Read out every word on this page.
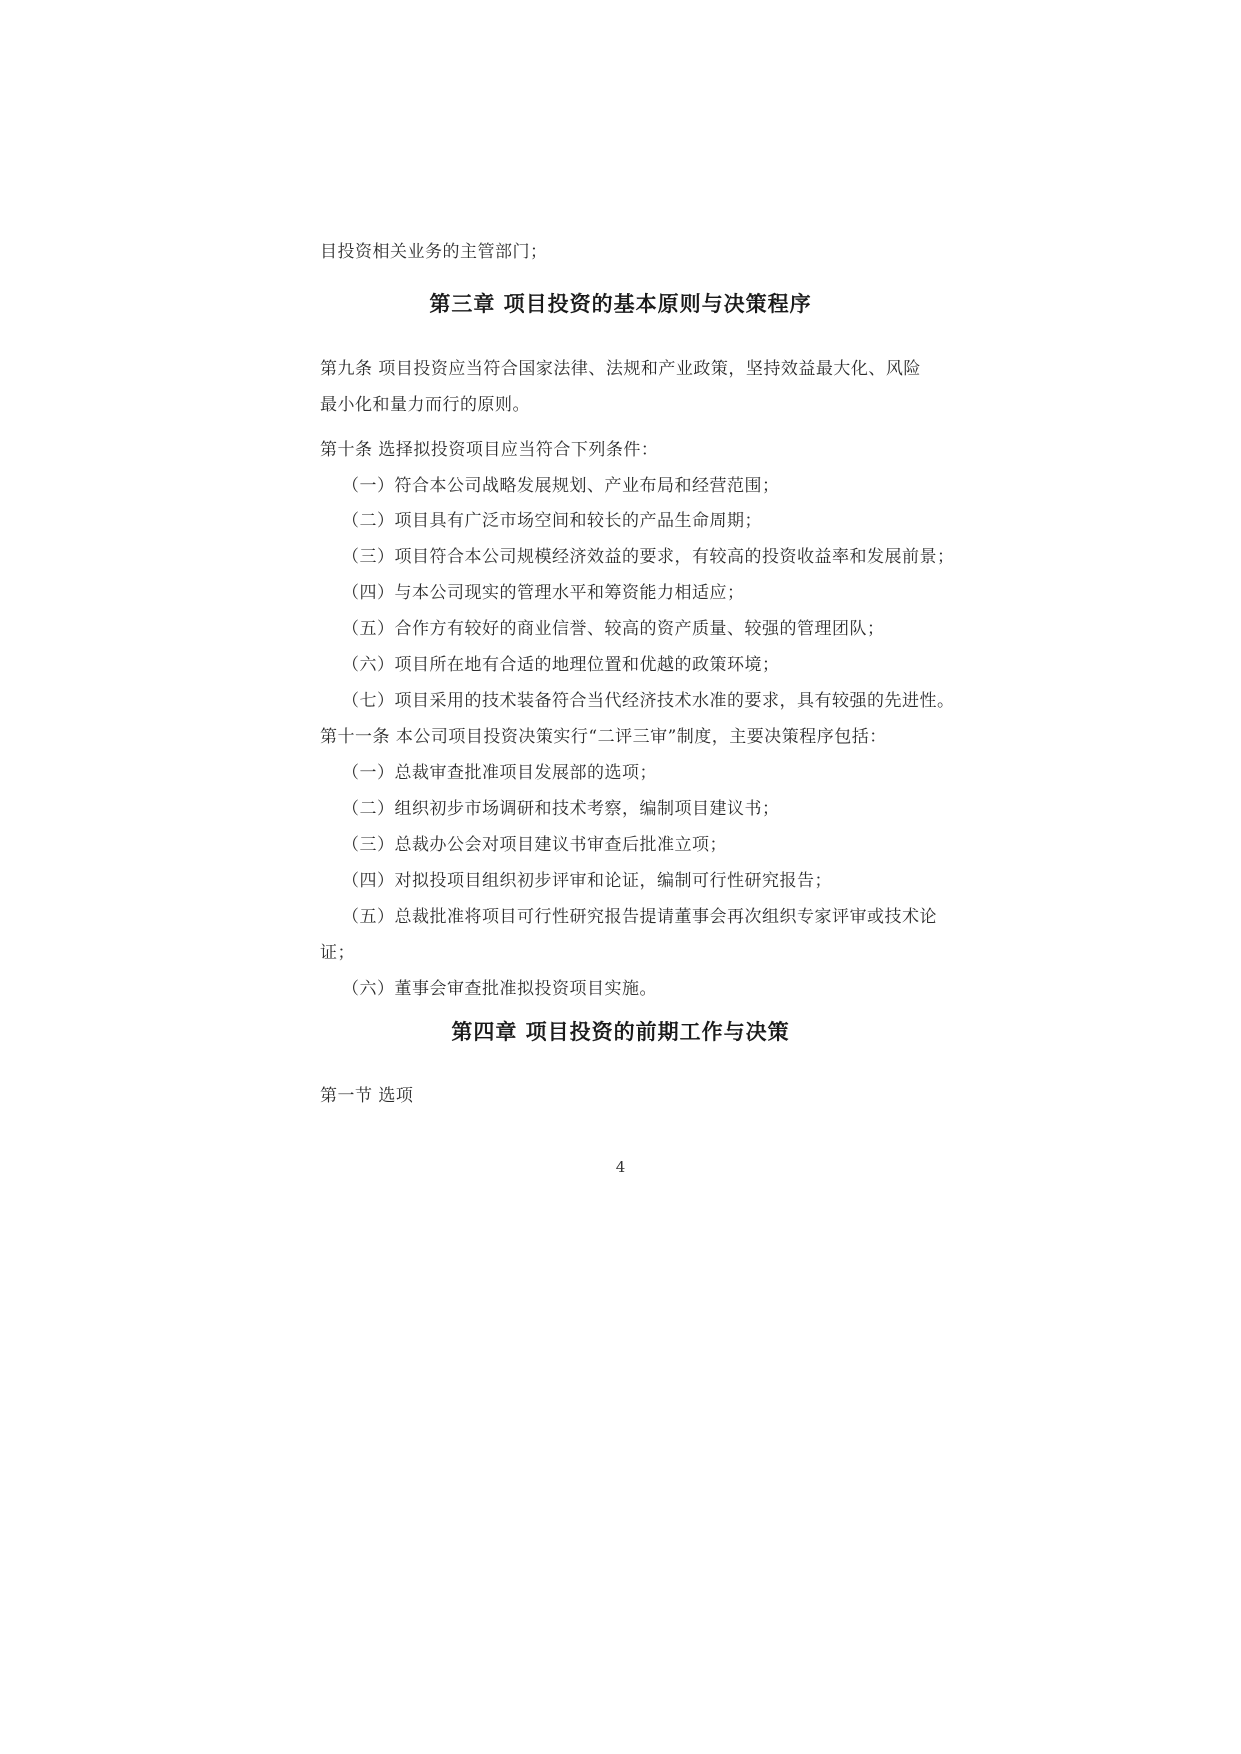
目投资相关业务的主管部门；
第三章 项目投资的基本原则与决策程序
第九条 项目投资应当符合国家法律、法规和产业政策，坚持效益最大化、风险
最小化和量力而行的原则。
第十条 选择拟投资项目应当符合下列条件：
（一）符合本公司战略发展规划、产业布局和经营范围；
（二）项目具有广泛市场空间和较长的产品生命周期；
（三）项目符合本公司规模经济效益的要求，有较高的投资收益率和发展前景；
（四）与本公司现实的管理水平和筹资能力相适应；
（五）合作方有较好的商业信誉、较高的资产质量、较强的管理团队；
（六）项目所在地有合适的地理位置和优越的政策环境；
（七）项目采用的技术装备符合当代经济技术水准的要求，具有较强的先进性。
第十一条 本公司项目投资决策实行“二评三审”制度，主要决策程序包括：
（一）总裁审查批准项目发展部的选项；
（二）组织初步市场调研和技术考察，编制项目建议书；
（三）总裁办公会对项目建议书审查后批准立项；
（四）对拟投项目组织初步评审和论证，编制可行性研究报告；
（五）总裁批准将项目可行性研究报告提请董事会再次组织专家评审或技术论
证；
（六）董事会审查批准拟投资项目实施。
第四章 项目投资的前期工作与决策
第一节 选项
4
